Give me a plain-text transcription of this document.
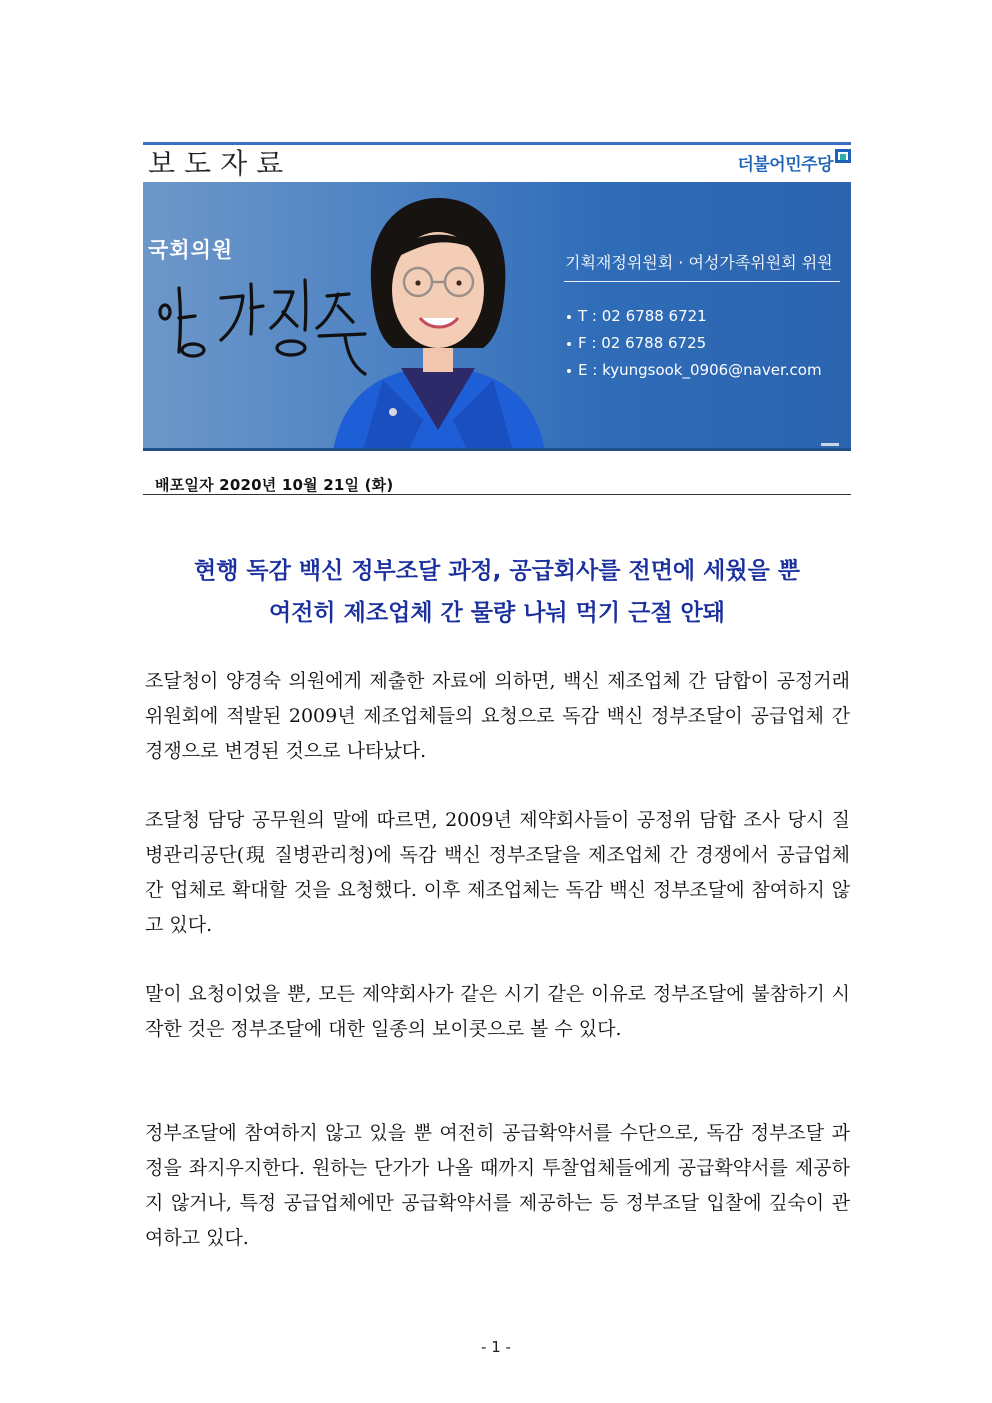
보도자료	더불어민주당
국회의원
기획재정위원회 · 여성가족위원회 위원
T : 02 6788 6721
F : 02 6788 6725
E : kyungsook_0906@naver.com
배포일자 2020년 10월 21일 (화)
현행 독감 백신 정부조달 과정, 공급회사를 전면에 세웠을 뿐
여전히 제조업체 간 물량 나눠 먹기 근절 안돼
조달청이 양경숙 의원에게 제출한 자료에 의하면, 백신 제조업체 간 담합이 공정거래위원회에 적발된 2009년 제조업체들의 요청으로 독감 백신 정부조달이 공급업체 간 경쟁으로 변경된 것으로 나타났다.
조달청 담당 공무원의 말에 따르면, 2009년 제약회사들이 공정위 담합 조사 당시 질병관리공단(現 질병관리청)에 독감 백신 정부조달을 제조업체 간 경쟁에서 공급업체 간 업체로 확대할 것을 요청했다. 이후 제조업체는 독감 백신 정부조달에 참여하지 않고 있다.
말이 요청이었을 뿐, 모든 제약회사가 같은 시기 같은 이유로 정부조달에 불참하기 시작한 것은 정부조달에 대한 일종의 보이콧으로 볼 수 있다.
정부조달에 참여하지 않고 있을 뿐 여전히 공급확약서를 수단으로, 독감 정부조달 과정을 좌지우지한다. 원하는 단가가 나올 때까지 투찰업체들에게 공급확약서를 제공하지 않거나, 특정 공급업체에만 공급확약서를 제공하는 등 정부조달 입찰에 깊숙이 관여하고 있다.
- 1 -
